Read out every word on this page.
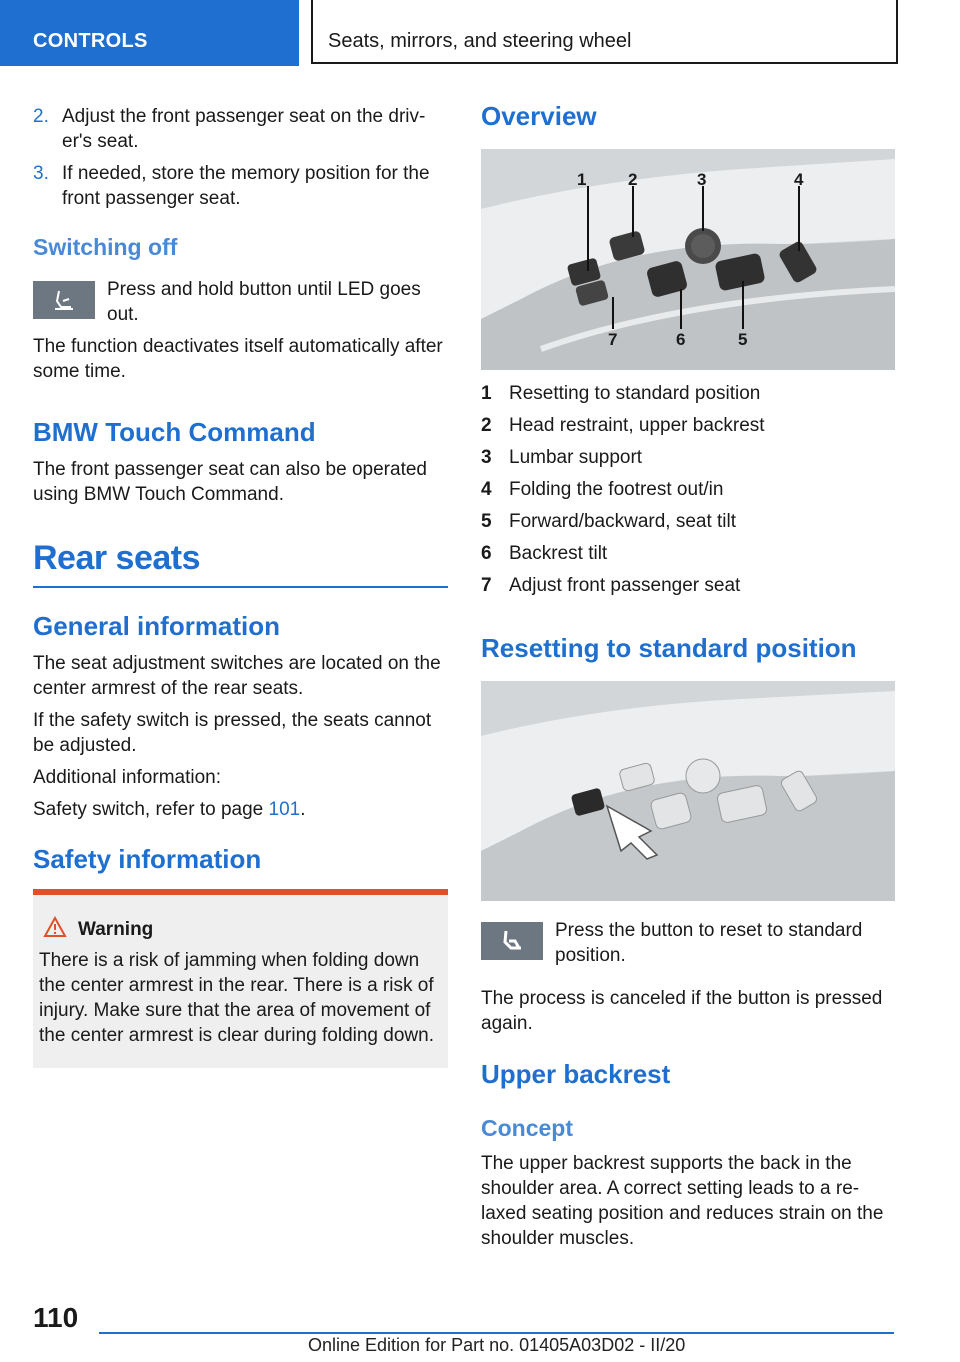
CONTROLS	Seats, mirrors, and steering wheel
2. Adjust the front passenger seat on the driv-
er's seat.
3. If needed, store the memory position for the
front passenger seat.
Switching off

Press and hold button until LED goes

out.

The function deactivates itself automatically after

some time.

BMW Touch Command

The front passenger seat can also be operated

using BMW Touch Command.

Rear seats
General information

The seat adjustment switches are located on the

center armrest of the rear seats.

If the safety switch is pressed, the seats cannot

be adjusted.

Additional information:
Safety switch, refer to page 101.
Safety information
Warning

There is a risk of jamming when folding down

the center armrest in the rear. There is a risk of

injury. Make sure that the area of movement of

the center armrest is clear during folding down.

Overview
1 2	3	4
7	6	5
1 Resetting to standard position
2 Head restraint, upper backrest
3 Lumbar support
4 Folding the footrest out/in
5 Forward/backward, seat tilt
6 Backrest tilt
7 Adjust front passenger seat
Resetting to standard position

Press the button to reset to standard

position.

The process is canceled if the button is pressed

again.

Upper backrest
Concept

The upper backrest supports the back in the

shoulder area. A correct setting leads to a re-

laxed seating position and reduces strain on the

shoulder muscles.

110
Online Edition for Part no. 01405A03D02 - II/20
